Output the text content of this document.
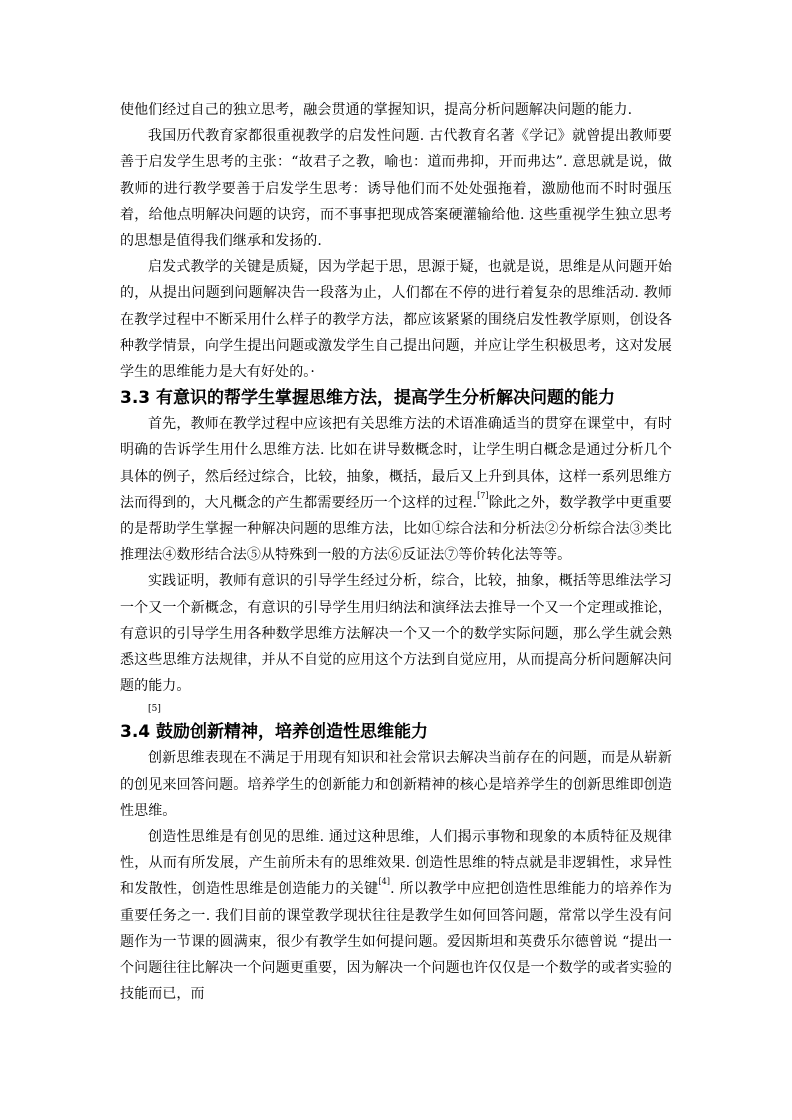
使他们经过自己的独立思考，融会贯通的掌握知识，提高分析问题解决问题的能力.

我国历代教育家都很重视教学的启发性问题. 古代教育名著《学记》就曾提出教师要善于启发学生思考的主张：“故君子之教，喻也：道而弗抑，开而弗达”. 意思就是说，做教师的进行教学要善于启发学生思考：诱导他们而不处处强拖着，激励他而不时时强压着，给他点明解决问题的诀窍，而不事事把现成答案硬灌输给他. 这些重视学生独立思考的思想是值得我们继承和发扬的.

启发式教学的关键是质疑，因为学起于思，思源于疑，也就是说，思维是从问题开始的，从提出问题到问题解决告一段落为止，人们都在不停的进行着复杂的思维活动. 教师在教学过程中不断采用什么样子的教学方法，都应该紧紧的围绕启发性教学原则，创设各种教学情景，向学生提出问题或激发学生自己提出问题，并应让学生积极思考，这对发展学生的思维能力是大有好处的。·

3.3 有意识的帮学生掌握思维方法，提高学生分析解决问题的能力

首先，教师在教学过程中应该把有关思维方法的术语准确适当的贯穿在课堂中，有时明确的告诉学生用什么思维方法. 比如在讲导数概念时，让学生明白概念是通过分析几个具体的例子，然后经过综合，比较，抽象，概括，最后又上升到具体，这样一系列思维方法而得到的，大凡概念的产生都需要经历一个这样的过程.[7]除此之外，数学教学中更重要的是帮助学生掌握一种解决问题的思维方法，比如①综合法和分析法②分析综合法③类比推理法④数形结合法⑤从特殊到一般的方法⑥反证法⑦等价转化法等等。

实践证明，教师有意识的引导学生经过分析，综合，比较，抽象，概括等思维法学习一个又一个新概念，有意识的引导学生用归纳法和演绎法去推导一个又一个定理或推论，有意识的引导学生用各种数学思维方法解决一个又一个的数学实际问题，那么学生就会熟悉这些思维方法规律，并从不自觉的应用这个方法到自觉应用，从而提高分析问题解决问题的能力。
[5]

3.4 鼓励创新精神，培养创造性思维能力

创新思维表现在不满足于用现有知识和社会常识去解决当前存在的问题，而是从崭新的创见来回答问题。培养学生的创新能力和创新精神的核心是培养学生的创新思维即创造性思维。

创造性思维是有创见的思维. 通过这种思维，人们揭示事物和现象的本质特征及规律性，从而有所发展，产生前所未有的思维效果. 创造性思维的特点就是非逻辑性，求异性和发散性，创造性思维是创造能力的关键[4]. 所以教学中应把创造性思维能力的培养作为重要任务之一. 我们目前的课堂教学现状往往是教学生如何回答问题，常常以学生没有问题作为一节课的圆满束，很少有教学生如何提问题。爱因斯坦和英费乐尔德曾说 “提出一个问题往往比解决一个问题更重要，因为解决一个问题也许仅仅是一个数学的或者实验的技能而已，而
